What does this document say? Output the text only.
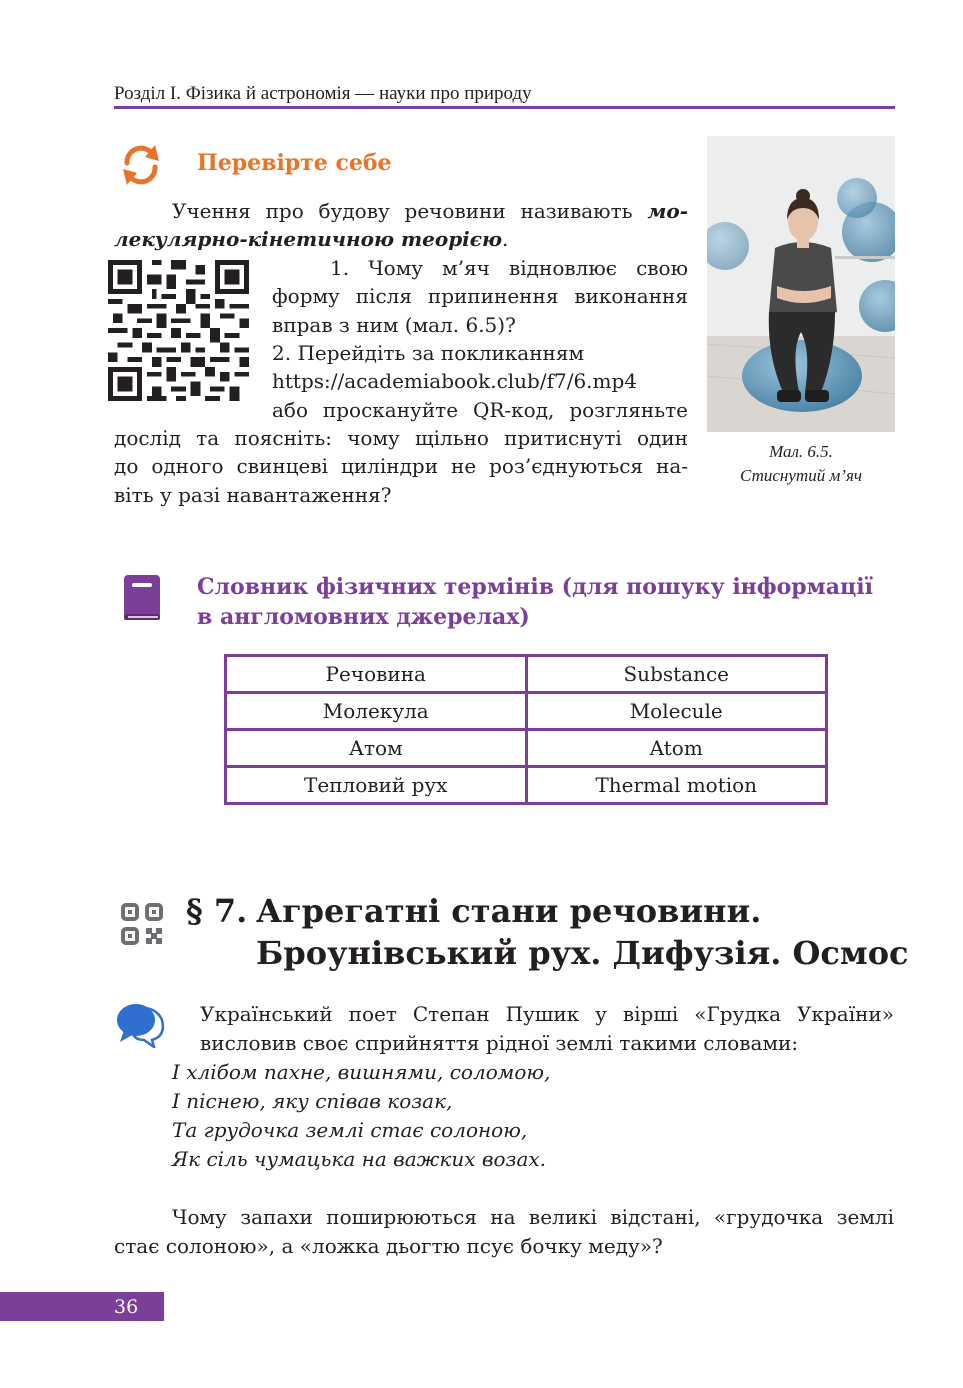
Розділ І. Фізика й астрономія — науки про природу
Перевірте себе
Учення про будову речовини називають мо-
лекулярно-кінетичною теорією.
1. Чому м’яч відновлює свою
форму після припинення виконання
вправ з ним (мал. 6.5)?
2. Перейдіть за покликанням
https://academiabook.club/f7/6.mp4
або проскануйте QR-код, розгляньте
дослід та поясніть: чому щільно притиснуті один
до одного свинцеві циліндри не роз’єднуються на-
віть у разі навантаження?
Мал. 6.5.
Стиснутий м’яч
Словник фізичних термінів (для пошуку інформації
в англомовних джерелах)
Речовина	Substance
Молекула	Molecule
Атом	Atom
Тепловий рух	Thermal motion
§ 7. Агрегатні стани речовини.
Броунівський рух. Дифузія. Осмос
Український поет Степан Пушик у вірші «Грудка України»
висловив своє сприйняття рідної землі такими словами:
І хлібом пахне, вишнями, соломою,
І піснею, яку співав козак,
Та грудочка землі стає солоною,
Як сіль чумацька на важких возах.
Чому запахи поширюються на великі відстані, «грудочка землі
стає солоною», а «ложка дьогтю псує бочку меду»?
36
